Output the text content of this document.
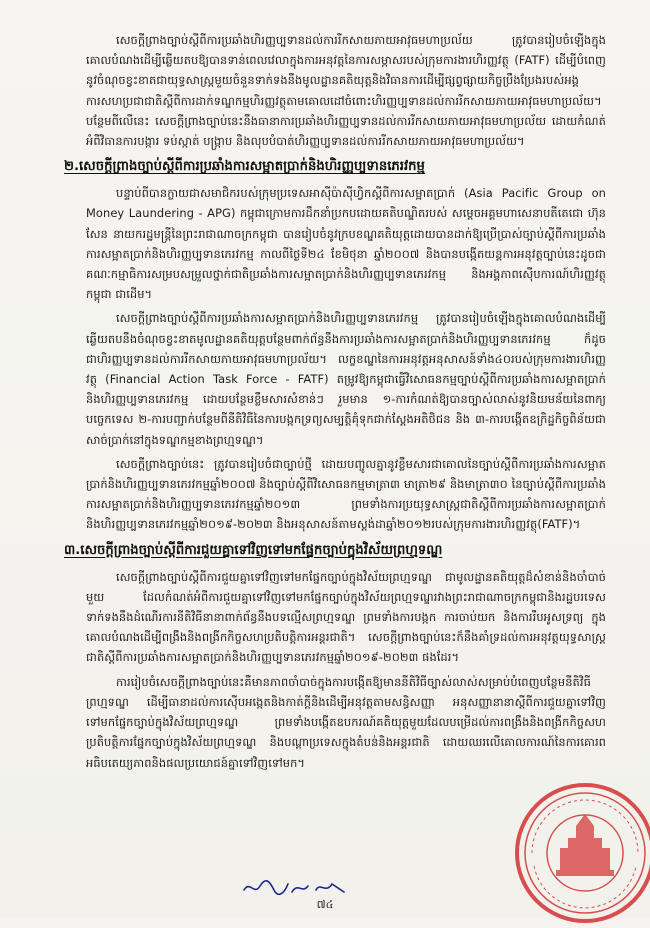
សេចក្ដីព្រាងច្បាប់ស្ដីពីការប្រឆាំងហិរញ្ញប្បទានដល់ការរីកសាយភាយអាវុធមហាប្រល័យ ត្រូវបានរៀបចំឡើងក្នុងគោលបំណងដើម្បីឆ្លើយតបឱ្យបានទាន់ពេលវេលាក្នុងការអនុវត្តនៃការសម្ភាសរបស់ក្រុមការងារហិរញ្ញវត្ថុ (FATF) ដើម្បីបំពេញនូវចំណុចខ្វះខាតជាយុទ្ធសាស្ត្រមួយចំនួនទាក់ទងនឹងមូលដ្ឋានគតិយុត្តនិងវិធានការដើម្បីផ្សព្វផ្សាយកិច្ចប្រឹងប្រែងរបស់អង្គការសហប្រជាជាតិស្ដីពីការដាក់ទណ្ឌកម្មហិរញ្ញវត្ថុតាមគោលដៅចំពោះហិរញ្ញប្បទានដល់ការរីកសាយភាយអាវុធមហាប្រល័យ។ បន្ថែមពីលើនេះ សេចក្ដីព្រាងច្បាប់នេះនឹងធានាការប្រឆាំងហិរញ្ញប្បទានដល់ការរីកសាយភាយអាវុធមហាប្រល័យ ដោយកំណត់អំពីវិធានការបង្ការ ទប់ស្កាត់ បង្ក្រាប និងលុបបំបាត់ហិរញ្ញប្បទានដល់ការរីកសាយភាយអាវុធមហាប្រល័យ។

២.សេចក្ដីព្រាងច្បាប់ស្ដីពីការប្រឆាំងការសម្អាតប្រាក់និងហិរញ្ញប្បទានភេរវកម្ម

បន្ទាប់ពីបានក្លាយជាសមាជិករបស់ក្រុមប្រទេសអាស៊ីប៉ាស៊ីហ្វិកស្ដីពីការសម្អាតប្រាក់ (Asia Pacific Group on Money Laundering - APG) កម្ពុជាក្រោមការដឹកនាំប្រកបដោយគតិបណ្ឌិតរបស់ សម្ដេចអគ្គមហាសេនាបតីតេជោ ហ៊ុន សែន នាយករដ្ឋមន្ត្រីនៃព្រះរាជាណាចក្រកម្ពុជា បានរៀបចំនូវក្របខណ្ឌគតិយុត្តដោយបានដាក់ឱ្យប្រើប្រាស់ច្បាប់ស្ដីពីការប្រឆាំងការសម្អាតប្រាក់និងហិរញ្ញប្បទានភេរវកម្ម កាលពីថ្ងៃទី២៤ ខែមិថុនា ឆ្នាំ២០០៧ និងបានបង្កើតយន្តការអនុវត្តច្បាប់នេះដូចជា គណៈកម្មាធិការសម្របសម្រួលថ្នាក់ជាតិប្រឆាំងការសម្អាតប្រាក់និងហិរញ្ញប្បទានភេរវកម្ម និងអង្គភាពស៊ើបការណ៍ហិរញ្ញវត្ថុកម្ពុជា ជាដើម។

សេចក្ដីព្រាងច្បាប់ស្ដីពីការប្រឆាំងការសម្អាតប្រាក់និងហិរញ្ញប្បទានភេរវកម្ម ត្រូវបានរៀបចំឡើងក្នុងគោលបំណងដើម្បីឆ្លើយតបនឹងចំណុចខ្វះខាតមូលដ្ឋានគតិយុត្តបន្ថែមពាក់ព័ន្ធនឹងការប្រឆាំងការសម្អាតប្រាក់និងហិរញ្ញប្បទានភេរវកម្ម ក៏ដូចជាហិរញ្ញប្បទានដល់ការរីកសាយភាយអាវុធមហាប្រល័យ។ លក្ខខណ្ឌនៃការអនុវត្តអនុសាសន៍ទាំង៤០របស់ក្រុមការងារហិរញ្ញវត្ថុ (Financial Action Task Force - FATF) តម្រូវឱ្យកម្ពុជាធ្វើវិសោធនកម្មច្បាប់ស្ដីពីការប្រឆាំងការសម្អាតប្រាក់និងហិរញ្ញប្បទានភេរវកម្ម ដោយបន្ថែមខ្លឹមសារសំខាន់ៗ រួមមាន ១-ការកំណត់ឱ្យបានច្បាស់លាស់នូវនិយមន័យនៃពាក្យបច្ចេកទេស ២-ការបញ្ជាក់បន្ថែមពីនីតិវិធីនៃការបង្កកទ្រព្យសម្បត្តិគុំទុកជាក់ស្ដែងអតិថិជន និង ៣-ការបង្កើតឧក្រិដ្ឋកិច្ចពិន័យជាសាច់ប្រាក់នៅក្នុងទណ្ឌកម្មខាងព្រហ្មទណ្ឌ។

សេចក្ដីព្រាងច្បាប់នេះ ត្រូវបានរៀបចំជាច្បាប់ថ្មី ដោយបញ្ចូលគ្នានូវខ្លឹមសារជាគោលនៃច្បាប់ស្ដីពីការប្រឆាំងការសម្អាតប្រាក់និងហិរញ្ញប្បទានភេរវកម្មឆ្នាំ២០០៧ និងច្បាប់ស្ដីពីវិសោធនកម្មមាត្រា៣ មាត្រា២៩ និងមាត្រា៣០ នៃច្បាប់ស្ដីពីការប្រឆាំងការសម្អាតប្រាក់និងហិរញ្ញប្បទានភេរវកម្មឆ្នាំ២០១៣ ព្រមទាំងការប្រយុទ្ធសាស្ត្រជាតិស្ដីពីការប្រឆាំងការសម្អាតប្រាក់និងហិរញ្ញប្បទានភេរវកម្មឆ្នាំ២០១៩-២០២៣ និងអនុសាសន៍តាមស្តង់ដាឆ្នាំ២០១២របស់ក្រុមការងារហិរញ្ញវត្ថុ(FATF)។

៣.សេចក្ដីព្រាងច្បាប់ស្ដីពីការជួយគ្នាទៅវិញទៅមកផ្នែកច្បាប់ក្នុងវិស័យព្រហ្មទណ្ឌ

សេចក្ដីព្រាងច្បាប់ស្ដីពីការជួយគ្នាទៅវិញទៅមកផ្នែកច្បាប់ក្នុងវិស័យព្រហ្មទណ្ឌ ជាមូលដ្ឋានគតិយុត្តដ៏សំខាន់និងចាំបាច់មួយ ដែលកំណត់អំពីការជួយគ្នាទៅវិញទៅមកផ្នែកច្បាប់ក្នុងវិស័យព្រហ្មទណ្ឌរវាងព្រះរាជាណាចក្រកម្ពុជានិងរដ្ឋបរទេស ទាក់ទងនឹងដំណើរការនីតិវិធីនានាពាក់ព័ន្ធនឹងបទល្មើសព្រហ្មទណ្ឌ ព្រមទាំងការបង្កក ការចាប់យក និងការរឹបអូសទ្រព្យ ក្នុងគោលបំណងដើម្បីពង្រឹងនិងពង្រីកកិច្ចសហប្រតិបត្តិការអន្តរជាតិ។ សេចក្ដីព្រាងច្បាប់នេះក៏នឹងគាំទ្រដល់ការអនុវត្តយុទ្ធសាស្ត្រជាតិស្ដីពីការប្រឆាំងការសម្អាតប្រាក់និងហិរញ្ញប្បទានភេរវកម្មឆ្នាំ២០១៩-២០២៣ ផងដែរ។

ការរៀបចំសេចក្ដីព្រាងច្បាប់នេះគឺមានភាពចាំបាច់ក្នុងការបង្កើតឱ្យមាននីតិវិធីច្បាស់លាស់សម្រាប់បំពេញបន្ថែមនីតិវិធីព្រហ្មទណ្ឌ ដើម្បីធានាដល់ការស៊ើបអង្កេតនិងកាត់ក្ដីនិងដើម្បីអនុវត្តតាមសន្ធិសញ្ញា អនុសញ្ញានានាស្ដីពីការជួយគ្នាទៅវិញទៅមកផ្នែកច្បាប់ក្នុងវិស័យព្រហ្មទណ្ឌ ព្រមទាំងបង្កើតឧបករណ៍គតិយុត្តមួយដែលបម្រើដល់ការពង្រឹងនិងពង្រីកកិច្ចសហប្រតិបត្តិការផ្នែកច្បាប់ក្នុងវិស័យព្រហ្មទណ្ឌ និងបណ្ដាប្រទេសក្នុងតំបន់និងអន្តរជាតិ ដោយឈរលើគោលការណ៍នៃការគោរពអធិបតេយ្យភាពនិងផលប្រយោជន៍គ្នាទៅវិញទៅមក។

៧៤
